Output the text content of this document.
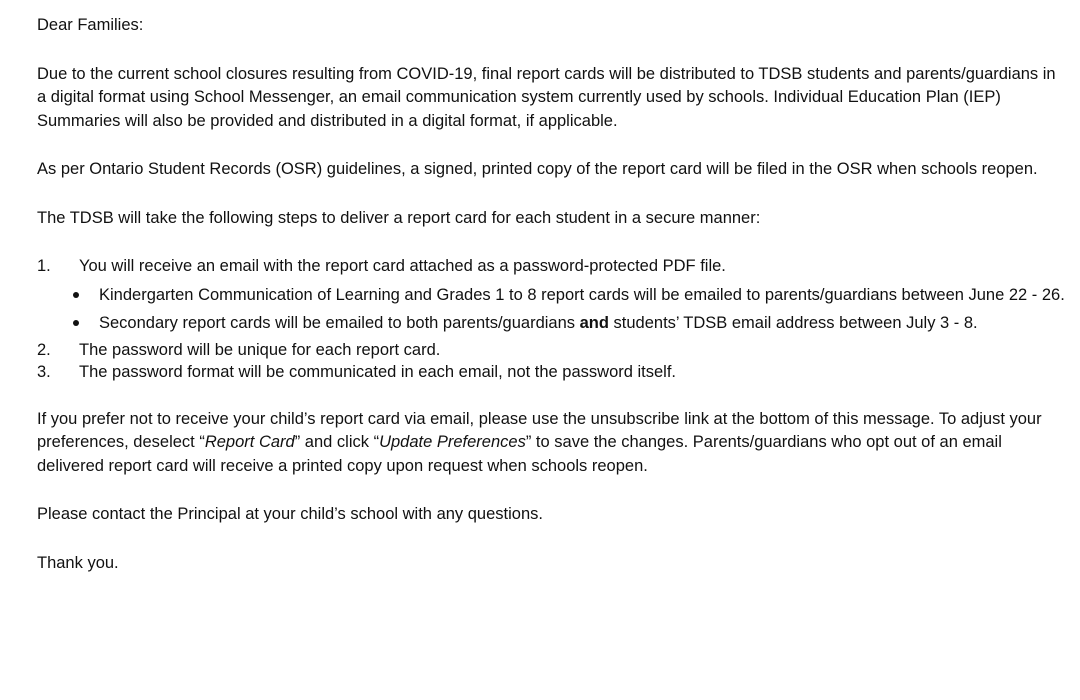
Dear Families:

Due to the current school closures resulting from COVID-19, final report cards will be distributed to TDSB students and parents/guardians in a digital format using School Messenger, an email communication system currently used by schools. Individual Education Plan (IEP) Summaries will also be provided and distributed in a digital format, if applicable.

As per Ontario Student Records (OSR) guidelines, a signed, printed copy of the report card will be filed in the OSR when schools reopen.

The TDSB will take the following steps to deliver a report card for each student in a secure manner:

1. You will receive an email with the report card attached as a password-protected PDF file.
Kindergarten Communication of Learning and Grades 1 to 8 report cards will be emailed to parents/guardians between June 22 - 26.
Secondary report cards will be emailed to both parents/guardians and students’ TDSB email address between July 3 - 8.
2. The password will be unique for each report card.
3. The password format will be communicated in each email, not the password itself.

If you prefer not to receive your child’s report card via email, please use the unsubscribe link at the bottom of this message. To adjust your preferences, deselect “Report Card” and click “Update Preferences” to save the changes. Parents/guardians who opt out of an email delivered report card will receive a printed copy upon request when schools reopen.

Please contact the Principal at your child’s school with any questions.

Thank you.
